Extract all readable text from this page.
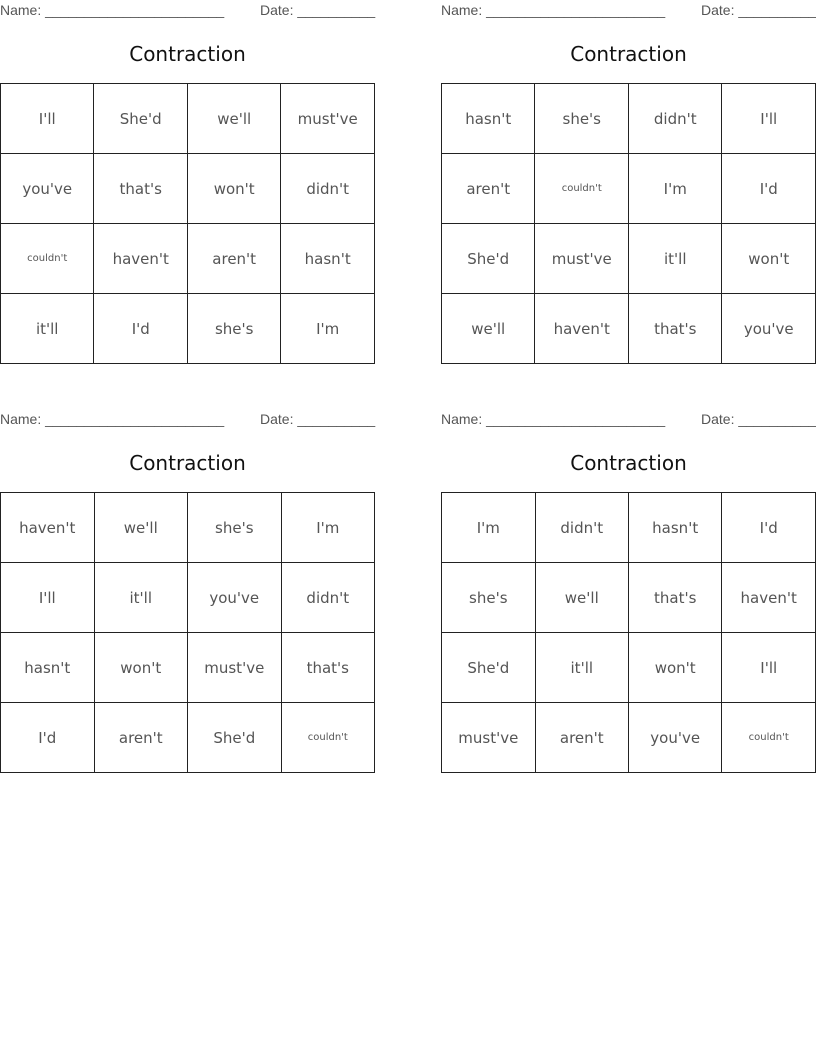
Name: _______________________	Date: __________
Contraction
I'll	She'd	we'll	must've
you've	that's	won't	didn't
couldn't	haven't	aren't	hasn't
it'll	I'd	she's	I'm
Name: _______________________	Date: __________
Contraction
hasn't	she's	didn't	I'll
aren't	couldn't	I'm	I'd
She'd	must've	it'll	won't
we'll	haven't	that's	you've
Name: _______________________	Date: __________
Contraction
haven't	we'll	she's	I'm
I'll	it'll	you've	didn't
hasn't	won't	must've	that's
I'd	aren't	She'd	couldn't
Name: _______________________	Date: __________
Contraction
I'm	didn't	hasn't	I'd
she's	we'll	that's	haven't
She'd	it'll	won't	I'll
must've	aren't	you've	couldn't
